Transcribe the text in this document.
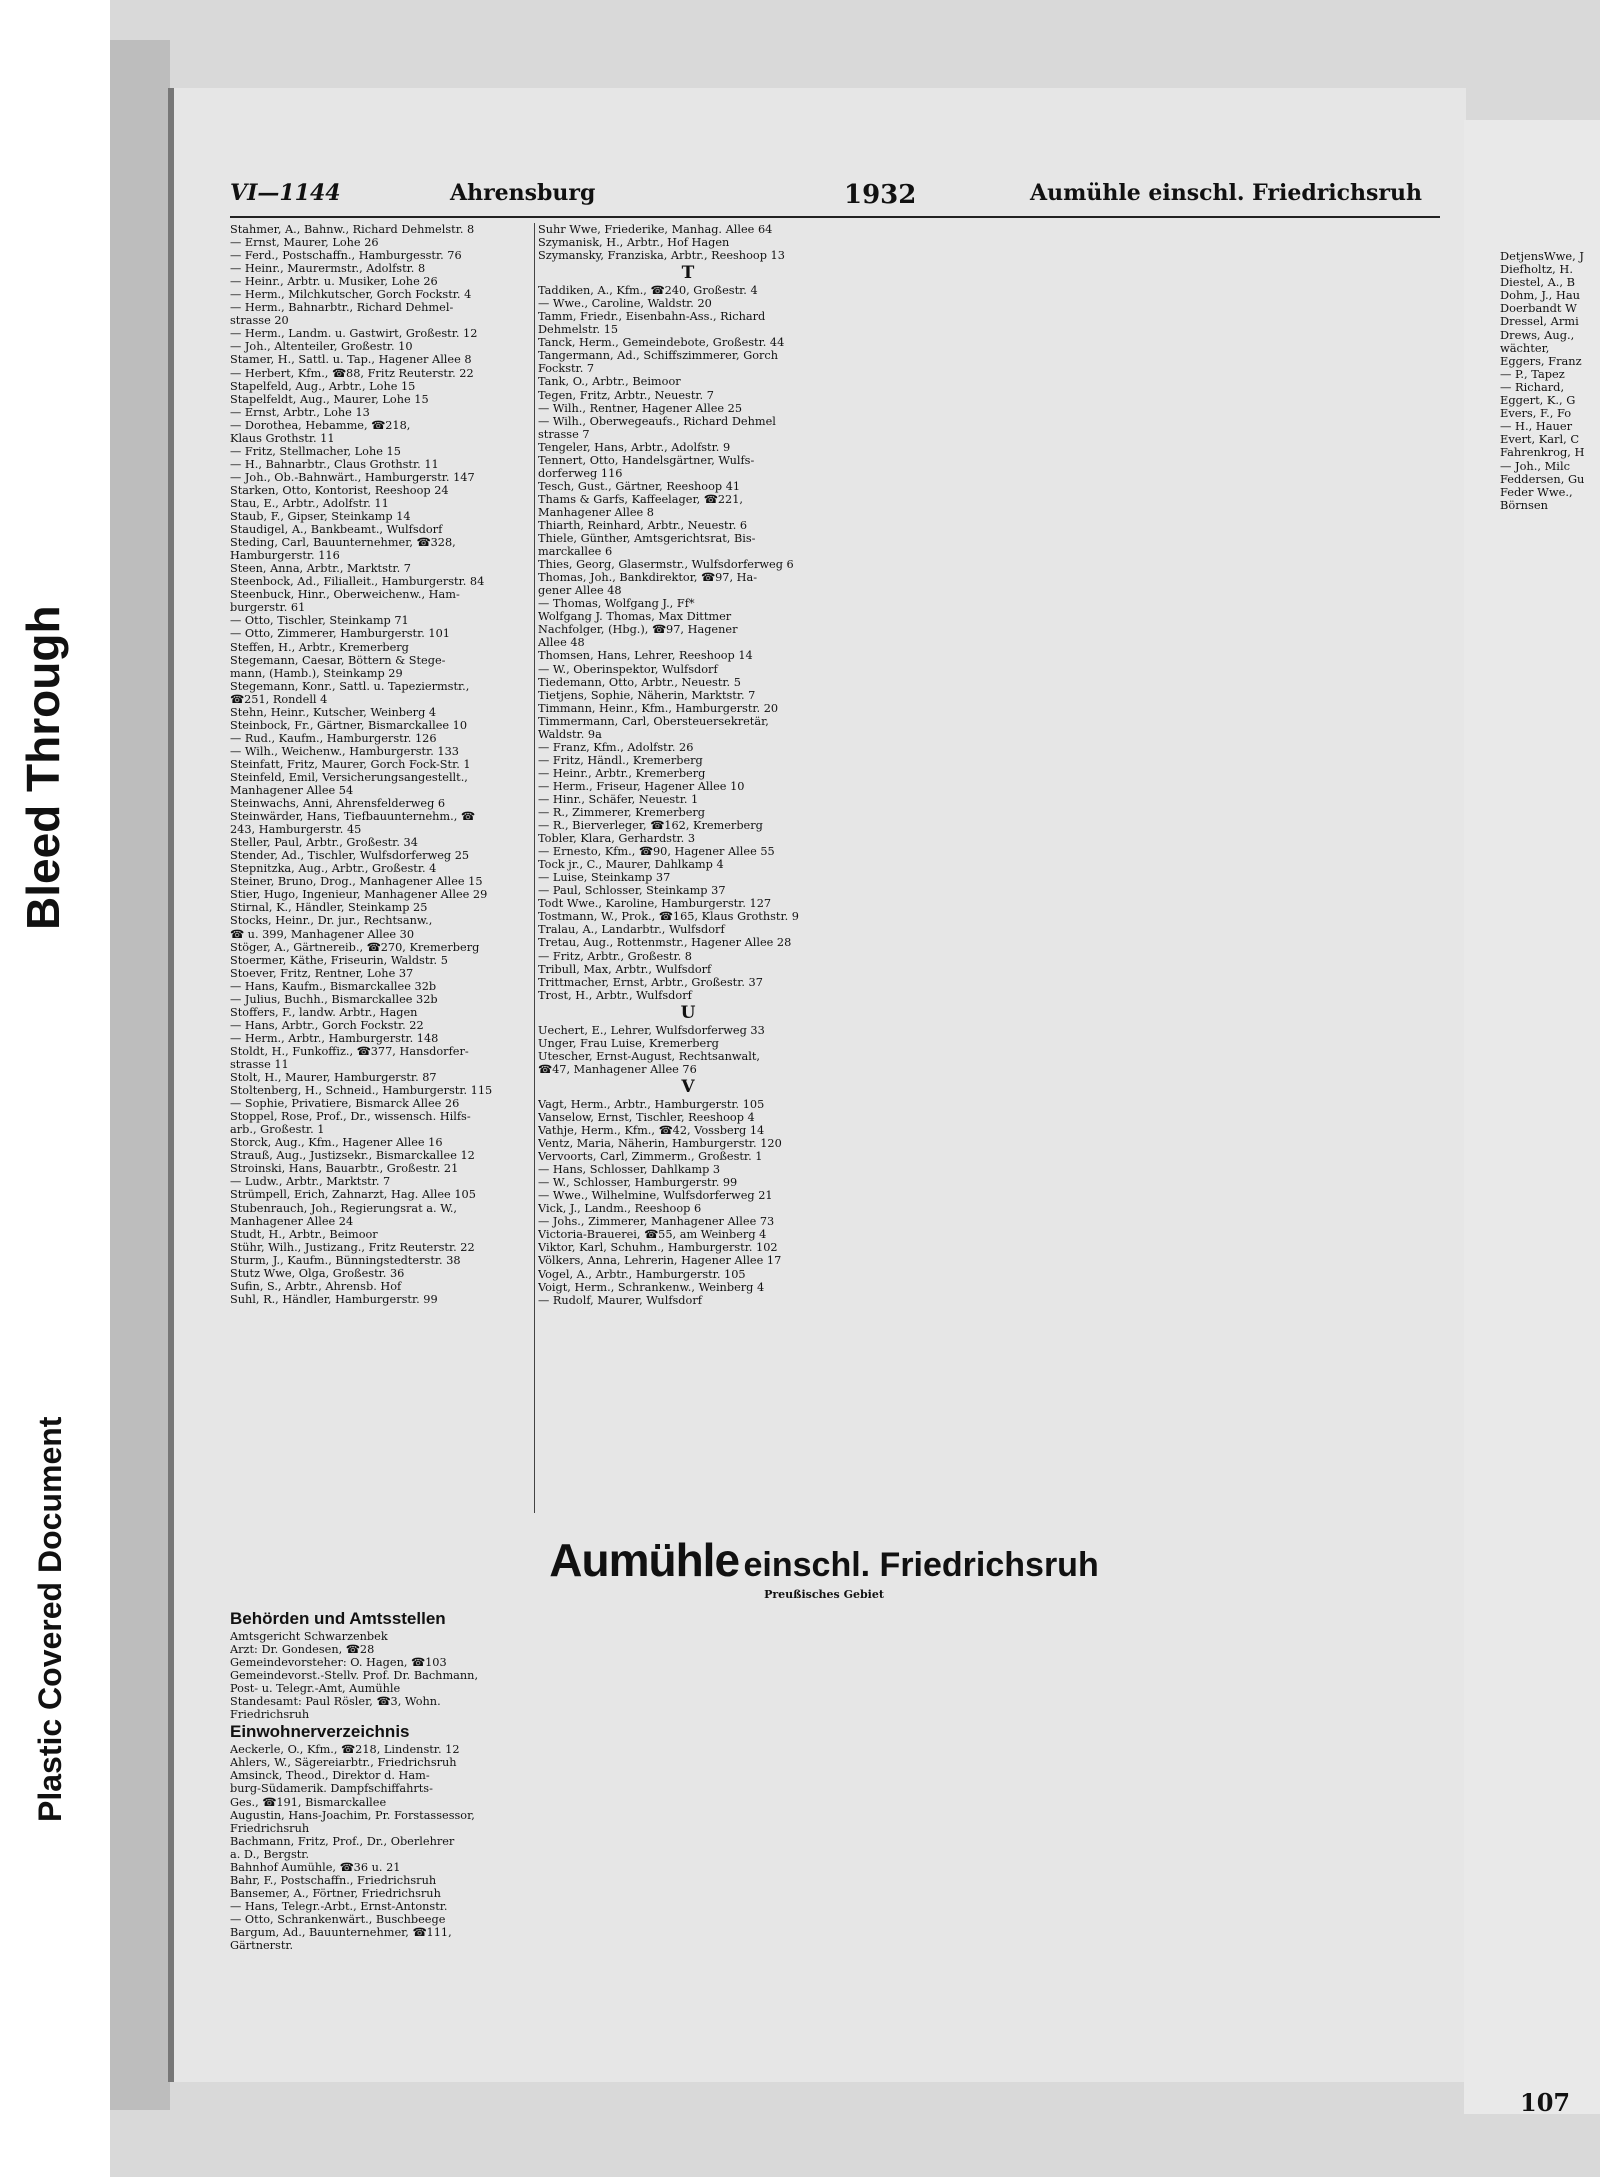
Bleed Through
Plastic Covered Document
VI—1144	Ahrensburg	1932	Aumühle einschl. Friedrichsruh
Stahmer, A., Bahnw., Richard Dehmelstr. 8
— Ernst, Maurer, Lohe 26
— Ferd., Postschaffn., Hamburgesstr. 76
— Heinr., Maurermstr., Adolfstr. 8
— Heinr., Arbtr. u. Musiker, Lohe 26
— Herm., Milchkutscher, Gorch Fockstr. 4
— Herm., Bahnarbtr., Richard Dehmel-
strasse 20
— Herm., Landm. u. Gastwirt, Großestr. 12
— Joh., Altenteiler, Großestr. 10
Stamer, H., Sattl. u. Tap., Hagener Allee 8
— Herbert, Kfm., ☎88, Fritz Reuterstr. 22
Stapelfeld, Aug., Arbtr., Lohe 15
Stapelfeldt, Aug., Maurer, Lohe 15
— Ernst, Arbtr., Lohe 13
— Dorothea, Hebamme, ☎218,
Klaus Grothstr. 11
— Fritz, Stellmacher, Lohe 15
— H., Bahnarbtr., Claus Grothstr. 11
— Joh., Ob.-Bahnwärt., Hamburgerstr. 147
Starken, Otto, Kontorist, Reeshoop 24
Stau, E., Arbtr., Adolfstr. 11
Staub, F., Gipser, Steinkamp 14
Staudigel, A., Bankbeamt., Wulfsdorf
Steding, Carl, Bauunternehmer, ☎328,
Hamburgerstr. 116
Steen, Anna, Arbtr., Marktstr. 7
Steenbock, Ad., Filialleit., Hamburgerstr. 84
Steenbuck, Hinr., Oberweichenw., Ham-
burgerstr. 61
— Otto, Tischler, Steinkamp 71
— Otto, Zimmerer, Hamburgerstr. 101
Steffen, H., Arbtr., Kremerberg
Stegemann, Caesar, Böttern & Stege-
mann, (Hamb.), Steinkamp 29
Stegemann, Konr., Sattl. u. Tapeziermstr.,
☎251, Rondell 4
Stehn, Heinr., Kutscher, Weinberg 4
Steinbock, Fr., Gärtner, Bismarckallee 10
— Rud., Kaufm., Hamburgerstr. 126
— Wilh., Weichenw., Hamburgerstr. 133
Steinfatt, Fritz, Maurer, Gorch Fock-Str. 1
Steinfeld, Emil, Versicherungsangestellt.,
Manhagener Allee 54
Steinwachs, Anni, Ahrensfelderweg 6
Steinwärder, Hans, Tiefbauunternehm., ☎
243, Hamburgerstr. 45
Steller, Paul, Arbtr., Großestr. 34
Stender, Ad., Tischler, Wulfsdorferweg 25
Stepnitzka, Aug., Arbtr., Großestr. 4
Steiner, Bruno, Drog., Manhagener Allee 15
Stier, Hugo, Ingenieur, Manhagener Allee 29
Stirnal, K., Händler, Steinkamp 25
Stocks, Heinr., Dr. jur., Rechtsanw.,
☎ u. 399, Manhagener Allee 30
Stöger, A., Gärtnereib., ☎270, Kremerberg
Stoermer, Käthe, Friseurin, Waldstr. 5
Stoever, Fritz, Rentner, Lohe 37
— Hans, Kaufm., Bismarckallee 32b
— Julius, Buchh., Bismarckallee 32b
Stoffers, F., landw. Arbtr., Hagen
— Hans, Arbtr., Gorch Fockstr. 22
— Herm., Arbtr., Hamburgerstr. 148
Stoldt, H., Funkoffiz., ☎377, Hansdorfer-
strasse 11
Stolt, H., Maurer, Hamburgerstr. 87
Stoltenberg, H., Schneid., Hamburgerstr. 115
— Sophie, Privatiere, Bismarck Allee 26
Stoppel, Rose, Prof., Dr., wissensch. Hilfs-
arb., Großestr. 1
Storck, Aug., Kfm., Hagener Allee 16
Strauß, Aug., Justizsekr., Bismarckallee 12
Stroinski, Hans, Bauarbtr., Großestr. 21
— Ludw., Arbtr., Marktstr. 7
Strümpell, Erich, Zahnarzt, Hag. Allee 105
Stubenrauch, Joh., Regierungsrat a. W.,
Manhagener Allee 24
Studt, H., Arbtr., Beimoor
Stühr, Wilh., Justizang., Fritz Reuterstr. 22
Sturm, J., Kaufm., Bünningstedterstr. 38
Stutz Wwe, Olga, Großestr. 36
Sufin, S., Arbtr., Ahrensb. Hof
Suhl, R., Händler, Hamburgerstr. 99
Suhr Wwe, Friederike, Manhag. Allee 64
Szymanisk, H., Arbtr., Hof Hagen
Szymansky, Franziska, Arbtr., Reeshoop 13
T
Taddiken, A., Kfm., ☎240, Großestr. 4
— Wwe., Caroline, Waldstr. 20
Tamm, Friedr., Eisenbahn-Ass., Richard
Dehmelstr. 15
Tanck, Herm., Gemeindebote, Großestr. 44
Tangermann, Ad., Schiffszimmerer, Gorch
Fockstr. 7
Tank, O., Arbtr., Beimoor
Tegen, Fritz, Arbtr., Neuestr. 7
— Wilh., Rentner, Hagener Allee 25
— Wilh., Oberwegeaufs., Richard Dehmel
strasse 7
Tengeler, Hans, Arbtr., Adolfstr. 9
Tennert, Otto, Handelsgärtner, Wulfs-
dorferweg 116
Tesch, Gust., Gärtner, Reeshoop 41
Thams & Garfs, Kaffeelager, ☎221,
Manhagener Allee 8
Thiarth, Reinhard, Arbtr., Neuestr. 6
Thiele, Günther, Amtsgerichtsrat, Bis-
marckallee 6
Thies, Georg, Glasermstr., Wulfsdorferweg 6
Thomas, Joh., Bankdirektor, ☎97, Ha-
gener Allee 48
— Thomas, Wolfgang J., Ff*
Wolfgang J. Thomas, Max Dittmer
Nachfolger, (Hbg.), ☎97, Hagener
Allee 48
Thomsen, Hans, Lehrer, Reeshoop 14
— W., Oberinspektor, Wulfsdorf
Tiedemann, Otto, Arbtr., Neuestr. 5
Tietjens, Sophie, Näherin, Marktstr. 7
Timmann, Heinr., Kfm., Hamburgerstr. 20
Timmermann, Carl, Obersteuersekretär,
Waldstr. 9a
— Franz, Kfm., Adolfstr. 26
— Fritz, Händl., Kremerberg
— Heinr., Arbtr., Kremerberg
— Herm., Friseur, Hagener Allee 10
— Hinr., Schäfer, Neuestr. 1
— R., Zimmerer, Kremerberg
— R., Bierverleger, ☎162, Kremerberg
Tobler, Klara, Gerhardstr. 3
— Ernesto, Kfm., ☎90, Hagener Allee 55
Tock jr., C., Maurer, Dahlkamp 4
— Luise, Steinkamp 37
— Paul, Schlosser, Steinkamp 37
Todt Wwe., Karoline, Hamburgerstr. 127
Tostmann, W., Prok., ☎165, Klaus Grothstr. 9
Tralau, A., Landarbtr., Wulfsdorf
Tretau, Aug., Rottenmstr., Hagener Allee 28
— Fritz, Arbtr., Großestr. 8
Tribull, Max, Arbtr., Wulfsdorf
Trittmacher, Ernst, Arbtr., Großestr. 37
Trost, H., Arbtr., Wulfsdorf
U
Uechert, E., Lehrer, Wulfsdorferweg 33
Unger, Frau Luise, Kremerberg
Utescher, Ernst-August, Rechtsanwalt,
☎47, Manhagener Allee 76
V
Vagt, Herm., Arbtr., Hamburgerstr. 105
Vanselow, Ernst, Tischler, Reeshoop 4
Vathje, Herm., Kfm., ☎42, Vossberg 14
Ventz, Maria, Näherin, Hamburgerstr. 120
Vervoorts, Carl, Zimmerm., Großestr. 1
— Hans, Schlosser, Dahlkamp 3
— W., Schlosser, Hamburgerstr. 99
— Wwe., Wilhelmine, Wulfsdorferweg 21
Vick, J., Landm., Reeshoop 6
— Johs., Zimmerer, Manhagener Allee 73
Victoria-Brauerei, ☎55, am Weinberg 4
Viktor, Karl, Schuhm., Hamburgerstr. 102
Völkers, Anna, Lehrerin, Hagener Allee 17
Vogel, A., Arbtr., Hamburgerstr. 105
Voigt, Herm., Schrankenw., Weinberg 4
— Rudolf, Maurer, Wulfsdorf
Aumühle einschl. Friedrichsruh
Preußisches Gebiet
Behörden und Amtsstellen
Amtsgericht Schwarzenbek
Arzt: Dr. Gondesen, ☎28
Gemeindevorsteher: O. Hagen, ☎103
Gemeindevorst.-Stellv. Prof. Dr. Bachmann,
Post- u. Telegr.-Amt, Aumühle
Standesamt: Paul Rösler, ☎3, Wohn.
Friedrichsruh
Einwohnerverzeichnis
Aeckerle, O., Kfm., ☎218, Lindenstr. 12
Ahlers, W., Sägereiarbtr., Friedrichsruh
Amsinck, Theod., Direktor d. Ham-
burg-Südamerik. Dampfschiffahrts-
Ges., ☎191, Bismarckallee
Augustin, Hans-Joachim, Pr. Forstassessor,
Friedrichsruh
Bachmann, Fritz, Prof., Dr., Oberlehrer
a. D., Bergstr.
Bahnhof Aumühle, ☎36 u. 21
Bahr, F., Postschaffn., Friedrichsruh
Bansemer, A., Förtner, Friedrichsruh
— Hans, Telegr.-Arbt., Ernst-Antonstr.
— Otto, Schrankenwärt., Buschbeege
Bargum, Ad., Bauunternehmer, ☎111,
Gärtnerstr.
DetjensWwe, J
Diefholtz, H.
Diestel, A., B
Dohm, J., Hau
Doerbandt W
Dressel, Armi
Drews, Aug.,
wächter,
Eggers, Franz
— P., Tapez
— Richard,
Eggert, K., G
Evers, F., Fo
— H., Hauer
Evert, Karl, C
Fahrenkrog, H
— Joh., Milc
Feddersen, Gu
Feder Wwe.,
Börnsen
107
